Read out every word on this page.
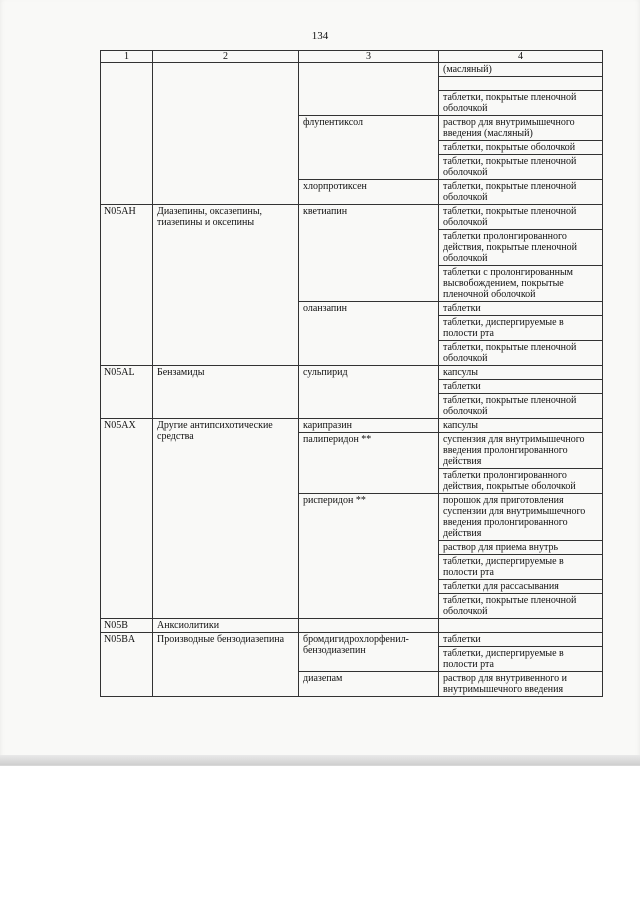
134
1	2	3	4
			(масляный)

			таблетки, покрытые пленочной оболочкой
		флупентиксол	раствор для внутримышечного введения (масляный)
			таблетки, покрытые оболочкой
			таблетки, покрытые пленочной оболочкой
		хлорпротиксен	таблетки, покрытые пленочной оболочкой
N05AH	Диазепины, оксазепины, тиазепины и оксепины	кветиапин	таблетки, покрытые пленочной оболочкой
			таблетки пролонгированного действия, покрытые пленочной оболочкой
			таблетки с пролонгированным высвобождением, покрытые пленочной оболочкой
		оланзапин	таблетки
			таблетки, диспергируемые в полости рта
			таблетки, покрытые пленочной оболочкой
N05AL	Бензамиды	сульпирид	капсулы
			таблетки
			таблетки, покрытые пленочной оболочкой
N05AX	Другие антипсихотические средства	карипразин	капсулы
		палиперидон **	суспензия для внутримышечного введения пролонгированного действия
			таблетки пролонгированного действия, покрытые оболочкой
		рисперидон **	порошок для приготовления суспензии для внутримышечного введения пролонгированного действия
			раствор для приема внутрь
			таблетки, диспергируемые в полости рта
			таблетки для рассасывания
			таблетки, покрытые пленочной оболочкой
N05B	Анксиолитики		
N05BA	Производные бензодиазепина	бромдигидрохлорфенил-бензодиазепин	таблетки
			таблетки, диспергируемые в полости рта
		диазепам	раствор для внутривенного и внутримышечного введения
